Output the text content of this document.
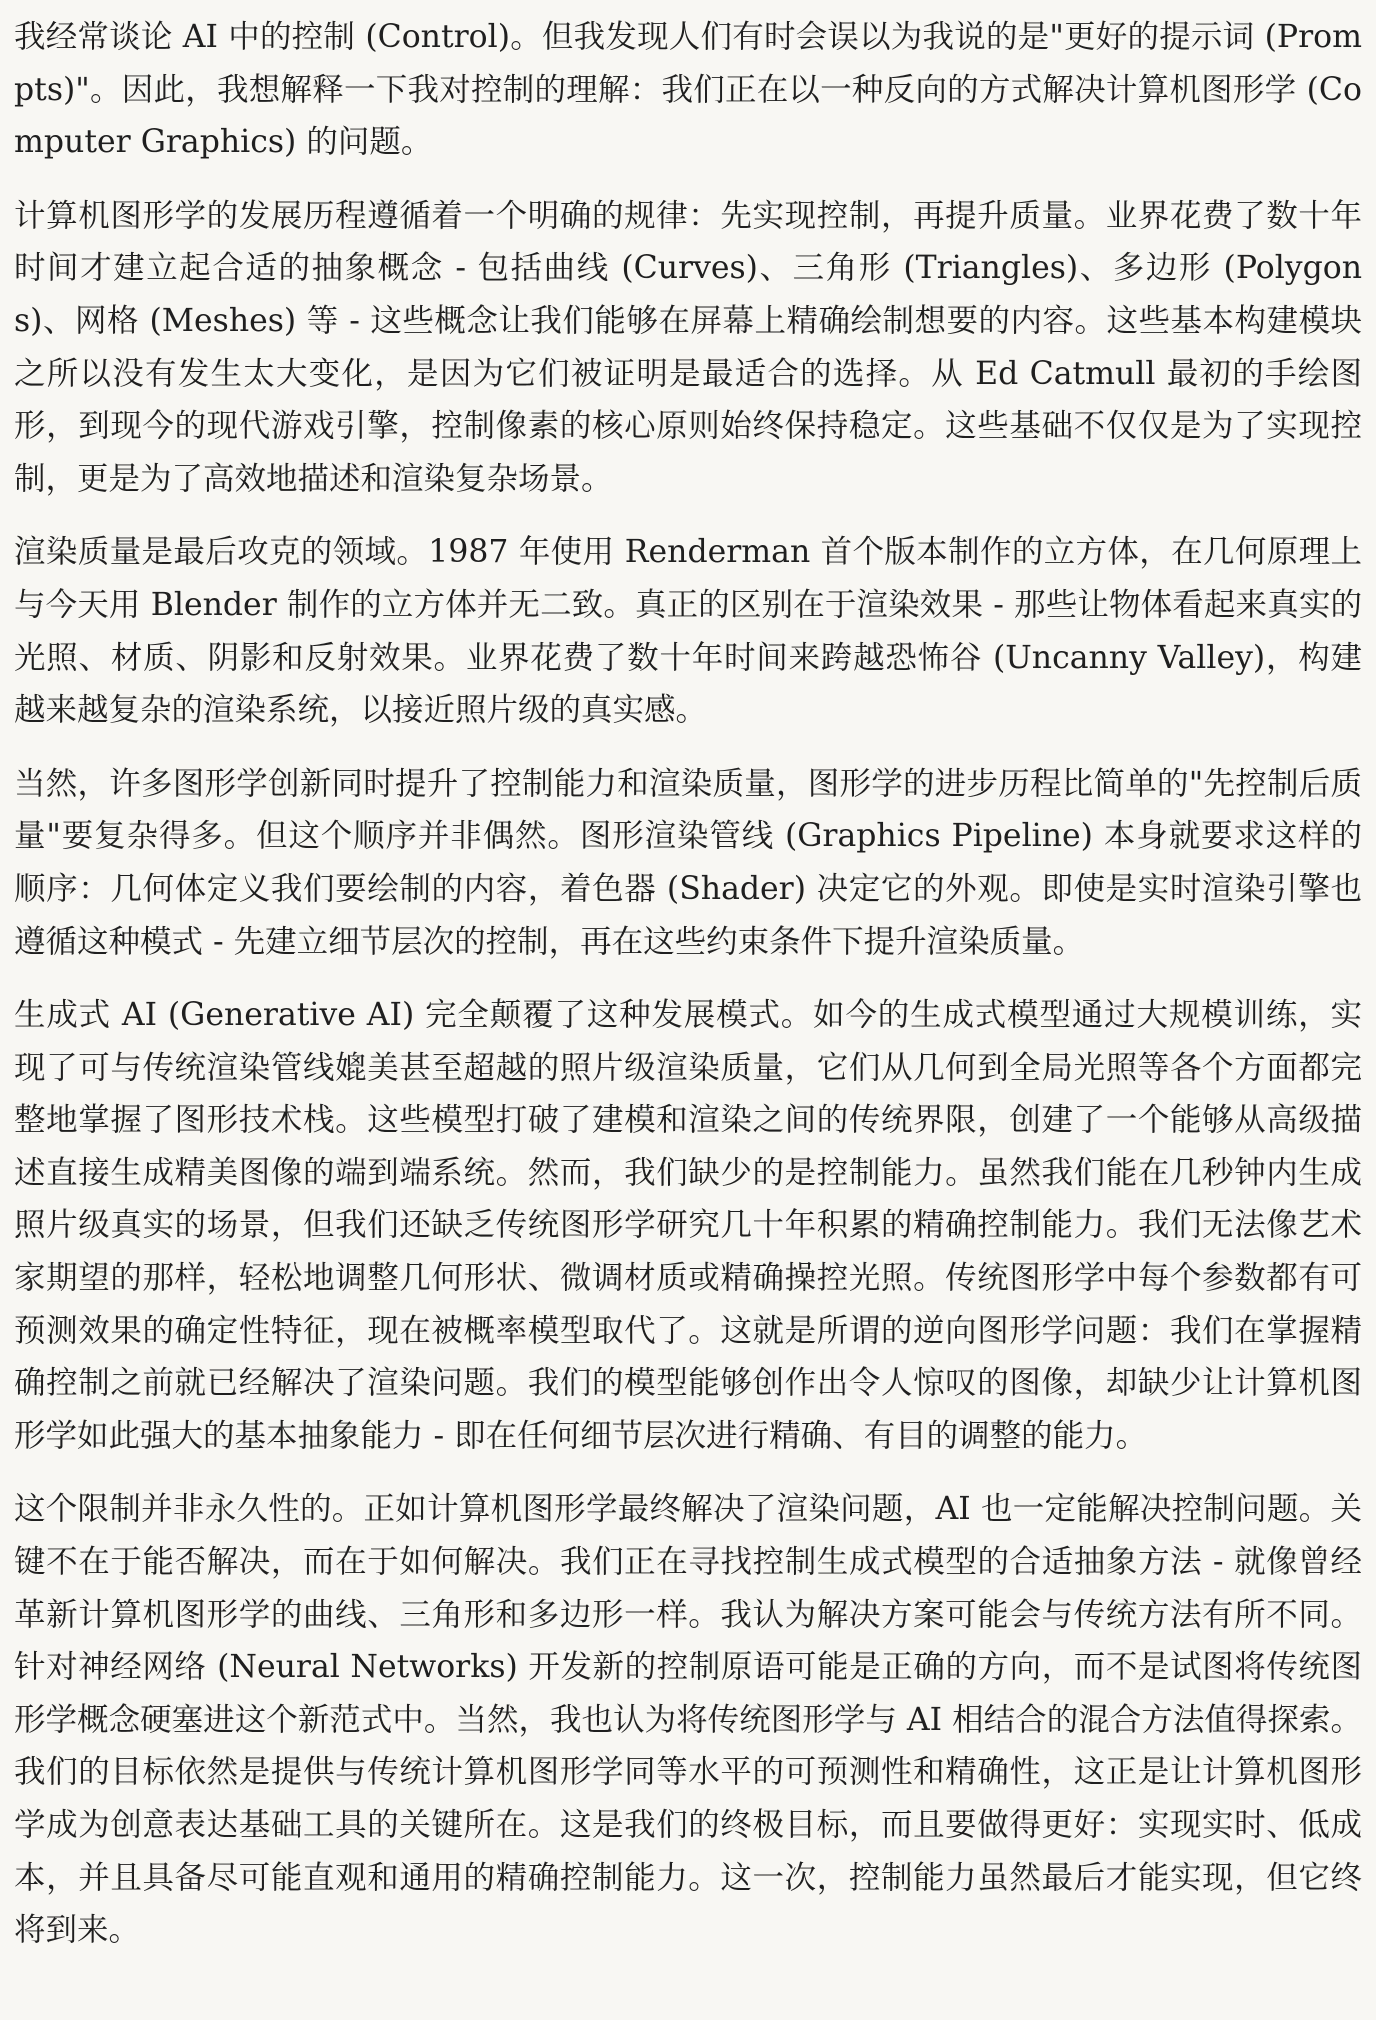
我经常谈论 AI 中的控制 (Control)。但我发现人们有时会误以为我说的是"更好的提示词 (Prompts)"。因此，我想解释一下我对控制的理解：我们正在以一种反向的方式解决计算机图形学 (Computer Graphics) 的问题。

计算机图形学的发展历程遵循着一个明确的规律：先实现控制，再提升质量。业界花费了数十年时间才建立起合适的抽象概念 - 包括曲线 (Curves)、三角形 (Triangles)、多边形 (Polygons)、网格 (Meshes) 等 - 这些概念让我们能够在屏幕上精确绘制想要的内容。这些基本构建模块之所以没有发生太大变化，是因为它们被证明是最适合的选择。从 Ed Catmull 最初的手绘图形，到现今的现代游戏引擎，控制像素的核心原则始终保持稳定。这些基础不仅仅是为了实现控制，更是为了高效地描述和渲染复杂场景。

渲染质量是最后攻克的领域。1987 年使用 Renderman 首个版本制作的立方体，在几何原理上与今天用 Blender 制作的立方体并无二致。真正的区别在于渲染效果 - 那些让物体看起来真实的光照、材质、阴影和反射效果。业界花费了数十年时间来跨越恐怖谷 (Uncanny Valley)，构建越来越复杂的渲染系统，以接近照片级的真实感。

当然，许多图形学创新同时提升了控制能力和渲染质量，图形学的进步历程比简单的"先控制后质量"要复杂得多。但这个顺序并非偶然。图形渲染管线 (Graphics Pipeline) 本身就要求这样的顺序：几何体定义我们要绘制的内容，着色器 (Shader) 决定它的外观。即使是实时渲染引擎也遵循这种模式 - 先建立细节层次的控制，再在这些约束条件下提升渲染质量。

生成式 AI (Generative AI) 完全颠覆了这种发展模式。如今的生成式模型通过大规模训练，实现了可与传统渲染管线媲美甚至超越的照片级渲染质量，它们从几何到全局光照等各个方面都完整地掌握了图形技术栈。这些模型打破了建模和渲染之间的传统界限，创建了一个能够从高级描述直接生成精美图像的端到端系统。然而，我们缺少的是控制能力。虽然我们能在几秒钟内生成照片级真实的场景，但我们还缺乏传统图形学研究几十年积累的精确控制能力。我们无法像艺术家期望的那样，轻松地调整几何形状、微调材质或精确操控光照。传统图形学中每个参数都有可预测效果的确定性特征，现在被概率模型取代了。这就是所谓的逆向图形学问题：我们在掌握精确控制之前就已经解决了渲染问题。我们的模型能够创作出令人惊叹的图像，却缺少让计算机图形学如此强大的基本抽象能力 - 即在任何细节层次进行精确、有目的调整的能力。

这个限制并非永久性的。正如计算机图形学最终解决了渲染问题，AI 也一定能解决控制问题。关键不在于能否解决，而在于如何解决。我们正在寻找控制生成式模型的合适抽象方法 - 就像曾经革新计算机图形学的曲线、三角形和多边形一样。我认为解决方案可能会与传统方法有所不同。针对神经网络 (Neural Networks) 开发新的控制原语可能是正确的方向，而不是试图将传统图形学概念硬塞进这个新范式中。当然，我也认为将传统图形学与 AI 相结合的混合方法值得探索。我们的目标依然是提供与传统计算机图形学同等水平的可预测性和精确性，这正是让计算机图形学成为创意表达基础工具的关键所在。这是我们的终极目标，而且要做得更好：实现实时、低成本，并且具备尽可能直观和通用的精确控制能力。这一次，控制能力虽然最后才能实现，但它终将到来。
